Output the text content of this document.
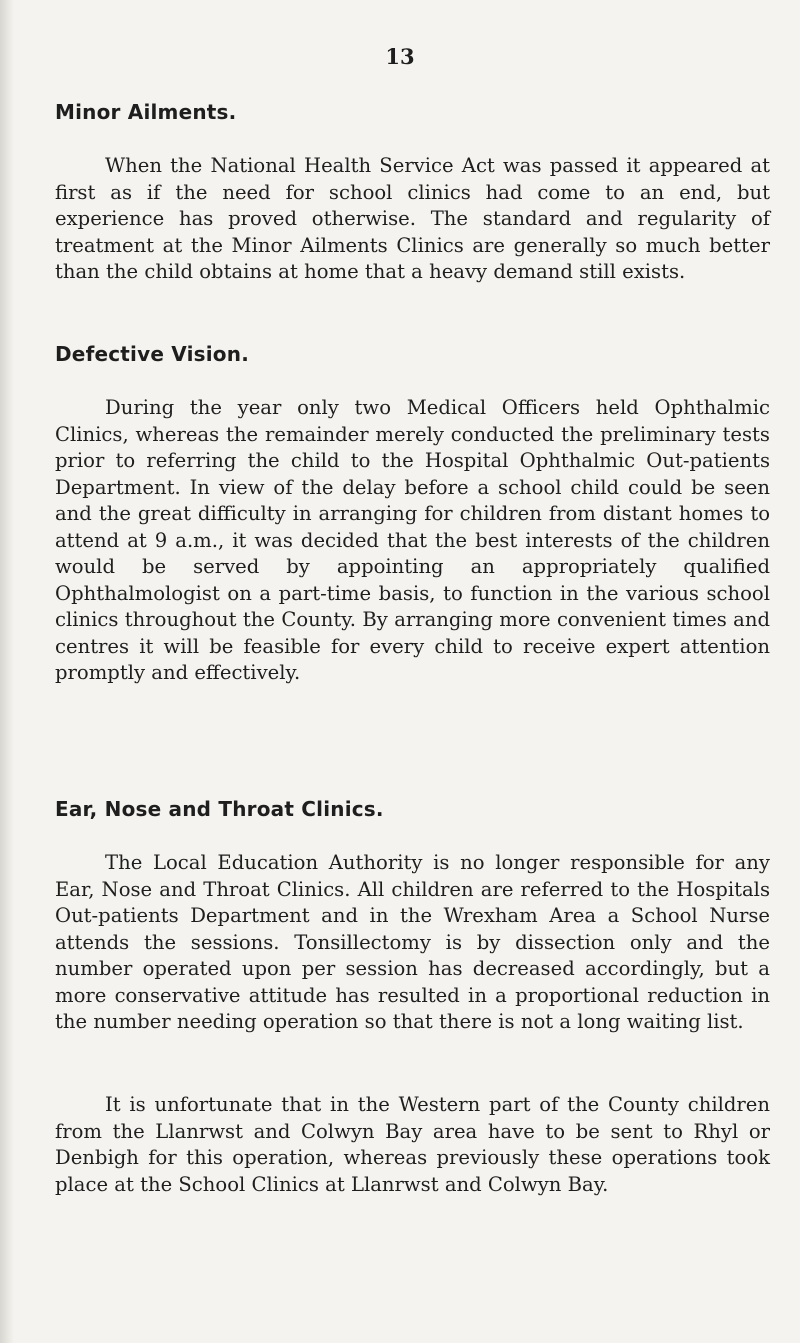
13
Minor Ailments.

When the National Health Service Act was passed it appeared at first as if the need for school clinics had come to an end, but experience has proved otherwise. The standard and regularity of treatment at the Minor Ailments Clinics are generally so much better than the child obtains at home that a heavy demand still exists.

Defective Vision.

During the year only two Medical Officers held Ophthalmic Clinics, whereas the remainder merely conducted the preliminary tests prior to referring the child to the Hospital Ophthalmic Out-patients Department. In view of the delay before a school child could be seen and the great difficulty in arranging for children from distant homes to attend at 9 a.m., it was decided that the best interests of the children would be served by appointing an appropriately qualified Ophthalmologist on a part-time basis, to function in the various school clinics throughout the County. By arranging more convenient times and centres it will be feasible for every child to receive expert attention promptly and effectively.

Ear, Nose and Throat Clinics.

The Local Education Authority is no longer responsible for any Ear, Nose and Throat Clinics. All children are referred to the Hospitals Out-patients Department and in the Wrexham Area a School Nurse attends the sessions. Tonsillectomy is by dissection only and the number operated upon per session has decreased accordingly, but a more conservative attitude has resulted in a proportional reduction in the number needing operation so that there is not a long waiting list.

It is unfortunate that in the Western part of the County children from the Llanrwst and Colwyn Bay area have to be sent to Rhyl or Denbigh for this operation, whereas previously these operations took place at the School Clinics at Llanrwst and Colwyn Bay.
